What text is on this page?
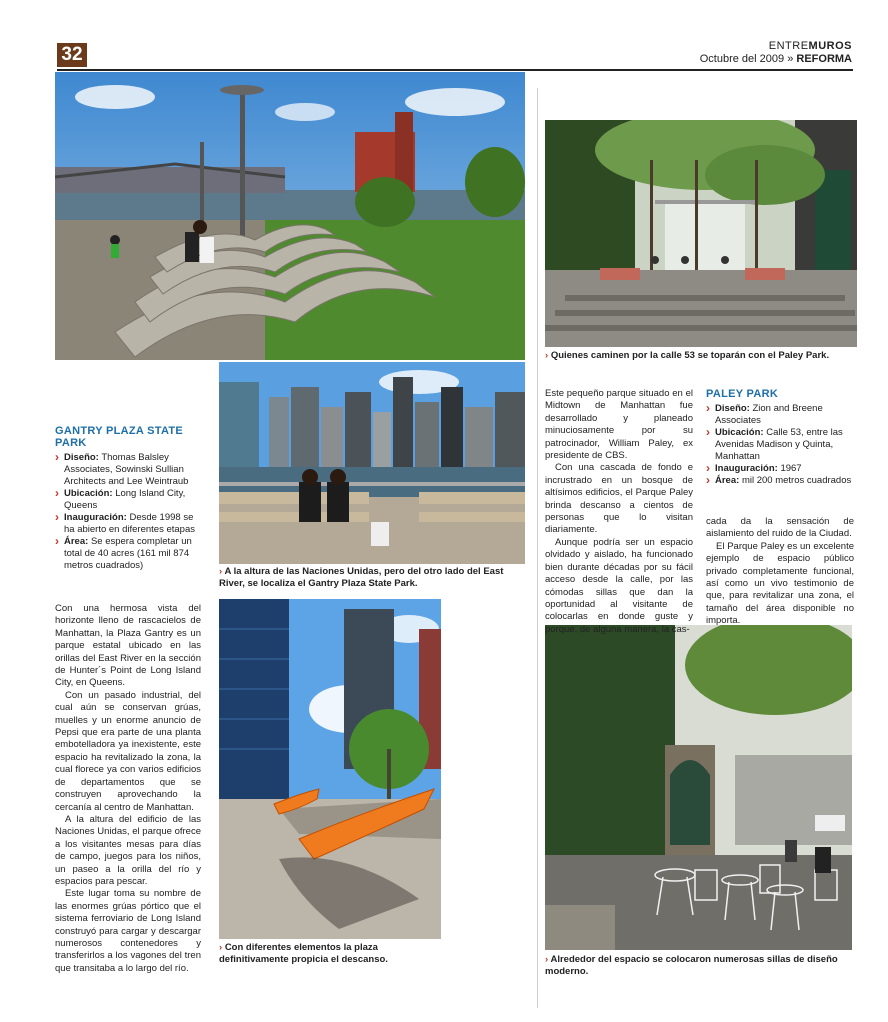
32	ENTREMUROS
Octubre del 2009 » REFORMA
› A la altura de las Naciones Unidas, pero del otro lado del East River, se localiza el Gantry Plaza State Park.
› Con diferentes elementos la plaza definitivamente propicia el descanso.
› Quienes caminen por la calle 53 se toparán con el Paley Park.
› Alrededor del espacio se colocaron numerosas sillas de diseño moderno.
GANTRY PLAZA STATE PARK
› Diseño: Thomas Balsley Associates, Sowinski Sullian Architects and Lee Weintraub
› Ubicación: Long Island City, Queens
› Inauguración: Desde 1998 se ha abierto en diferentes etapas
› Área: Se espera completar un total de 40 acres (161 mil 874 metros cuadrados)
PALEY PARK
› Diseño: Zion and Breene Associates
› Ubicación: Calle 53, entre las Avenidas Madison y Quinta, Manhattan
› Inauguración: 1967
› Área: mil 200 metros cuadrados

Con una hermosa vista del horizonte lleno de rascacielos de Manhattan, la Plaza Gantry es un parque estatal ubicado en las orillas del East River en la sección de Hunter´s Point de Long Island City, en Queens.

Con un pasado industrial, del cual aún se conservan grúas, muelles y un enorme anuncio de Pepsi que era parte de una planta embotelladora ya inexistente, este espacio ha revitalizado la zona, la cual florece ya con varios edificios de departamentos que se construyen aprovechando la cercanía al centro de Manhattan.

A la altura del edificio de las Naciones Unidas, el parque ofrece a los visitantes mesas para días de campo, juegos para los niños, un paseo a la orilla del río y espacios para pescar.

Este lugar toma su nombre de las enormes grúas pórtico que el sistema ferroviario de Long Island construyó para cargar y descargar numerosos contenedores y transferirlos a los vagones del tren que transitaba a lo largo del río.

Este pequeño parque situado en el Midtown de Manhattan fue desarrollado y planeado minuciosamente por su patrocinador, William Paley, ex presidente de CBS.

Con una cascada de fondo e incrustrado en un bosque de altísimos edificios, el Parque Paley brinda descanso a cientos de personas que lo visitan diariamente.

Aunque podría ser un espacio olvidado y aislado, ha funcionado bien durante décadas por su fácil acceso desde la calle, por las cómodas sillas que dan la oportunidad al visitante de colocarlas en donde guste y porque, de alguna manera, la cas-

cada da la sensación de aislamiento del ruido de la Ciudad.

El Parque Paley es un excelente ejemplo de espacio público privado completamente funcional, así como un vivo testimonio de que, para revitalizar una zona, el tamaño del área disponible no importa.
